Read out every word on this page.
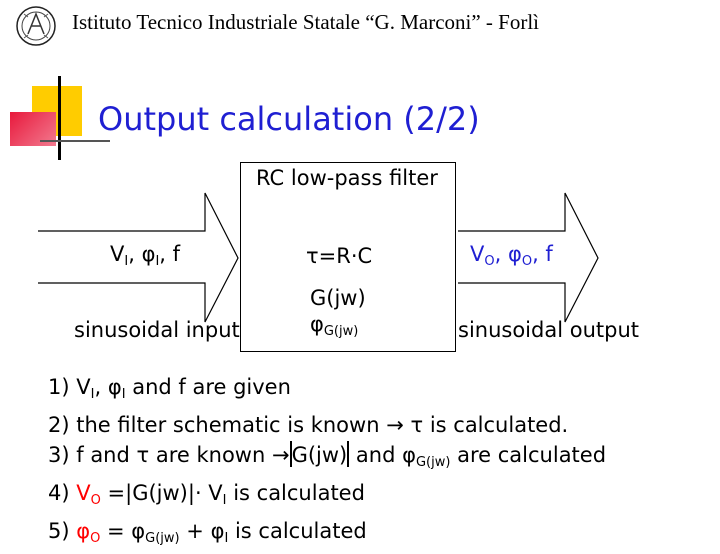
Istituto Tecnico Industriale Statale “G. Marconi” - Forlì
Output calculation (2/2)
RC low-pass filter
$V_I$, $\varphi_I$, f
sinusoidal input
τ=R·C
G(jw)
$\varphi_{G(jw)}$
$V_O$, $\varphi_O$, f
sinusoidal output
1) $V_I$, $\varphi_I$ and f are given
2) the filter schematic is known → τ is calculated.
3) f and τ are known →G(jw) and $\varphi_{G(jw)}$ are calculated
4) $V_O =|G(jw)|\cdot V_I$ is calculated
5) $\varphi_O = \varphi_{G(jw)} + \varphi_I$ is calculated
